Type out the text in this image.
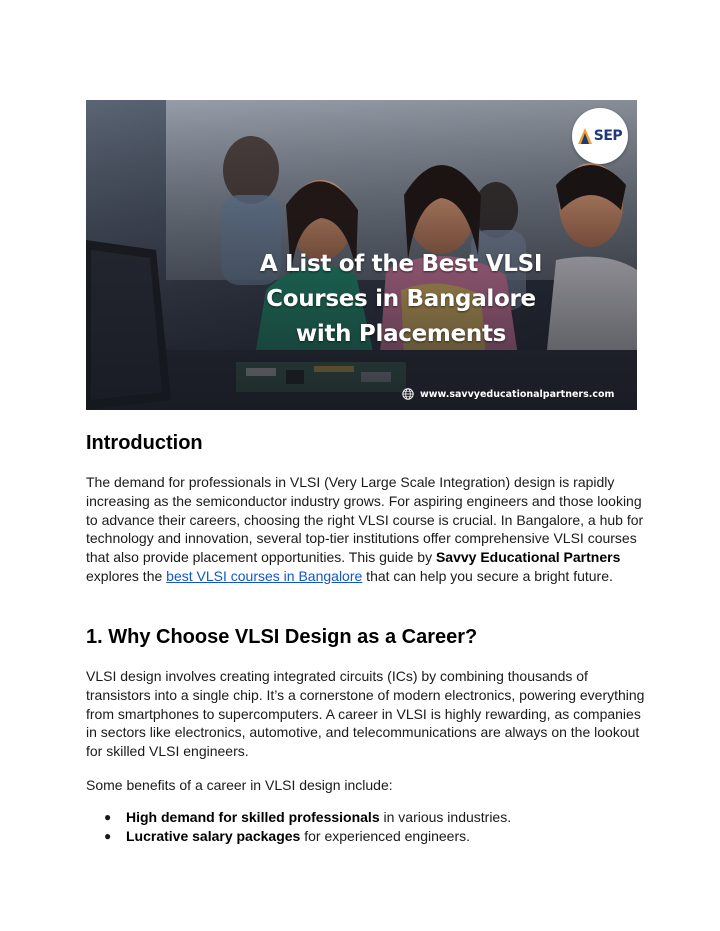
SEP
A List of the Best VLSI
Courses in Bangalore
with Placements
www.savvyeducationalpartners.com
Introduction

The demand for professionals in VLSI (Very Large Scale Integration) design is rapidly increasing as the semiconductor industry grows. For aspiring engineers and those looking to advance their careers, choosing the right VLSI course is crucial. In Bangalore, a hub for technology and innovation, several top-tier institutions offer comprehensive VLSI courses that also provide placement opportunities. This guide by Savvy Educational Partners explores the best VLSI courses in Bangalore that can help you secure a bright future.

1. Why Choose VLSI Design as a Career?

VLSI design involves creating integrated circuits (ICs) by combining thousands of transistors into a single chip. It’s a cornerstone of modern electronics, powering everything from smartphones to supercomputers. A career in VLSI is highly rewarding, as companies in sectors like electronics, automotive, and telecommunications are always on the lookout for skilled VLSI engineers.

Some benefits of a career in VLSI design include:

● High demand for skilled professionals in various industries.
● Lucrative salary packages for experienced engineers.
